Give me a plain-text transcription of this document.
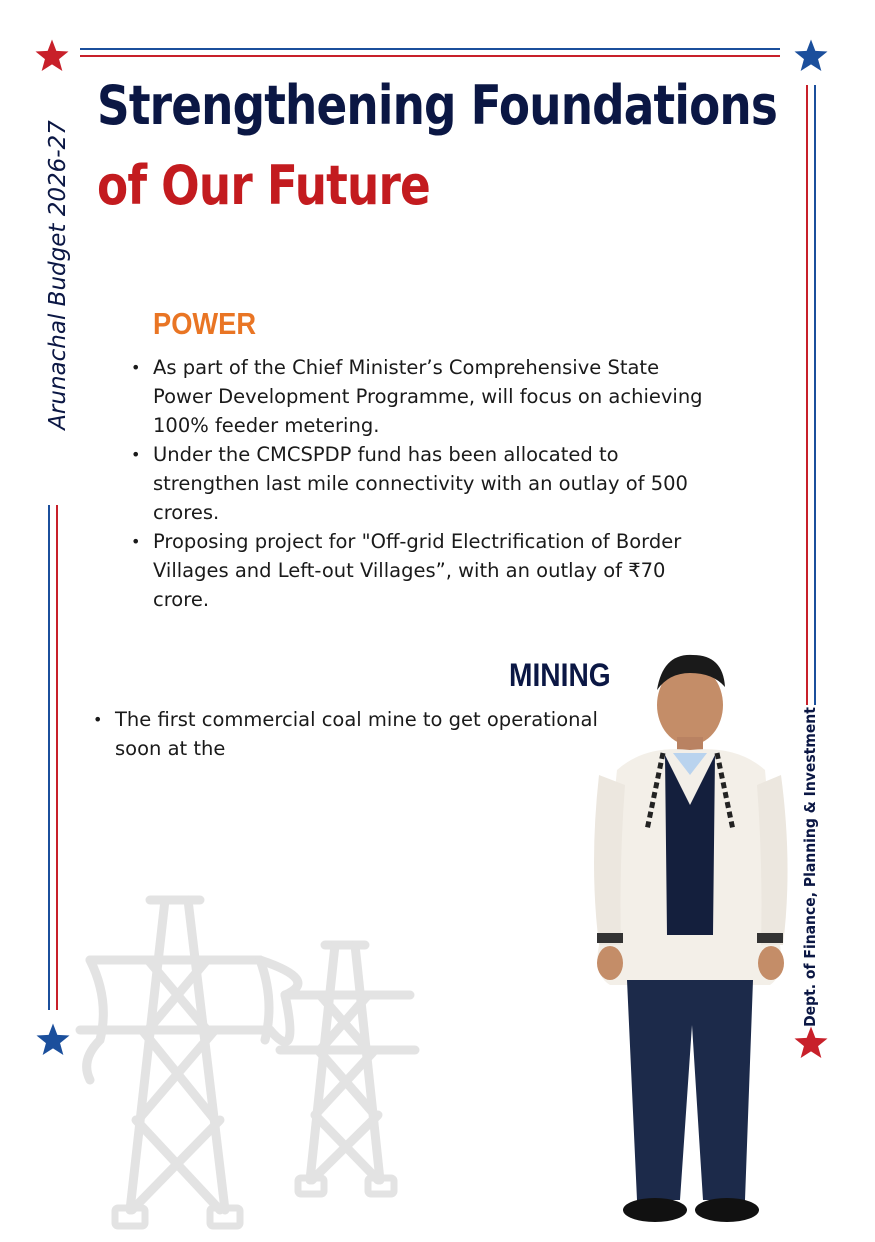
Arunachal Budget 2026-27
Dept. of Finance, Planning & Investment
Strengthening Foundations
of Our Future
POWER
• As part of the Chief Minister’s Comprehensive State Power Development Programme, will focus on achieving 100% feeder metering.
• Under the CMCSPDP fund has been allocated to strengthen last mile connectivity with an outlay of 500 crores.
• Proposing project for "Off-grid Electrification of Border Villages and Left-out Villages”, with an outlay of ₹70 crore.
MINING
• The first commercial coal mine to get operational soon at the
